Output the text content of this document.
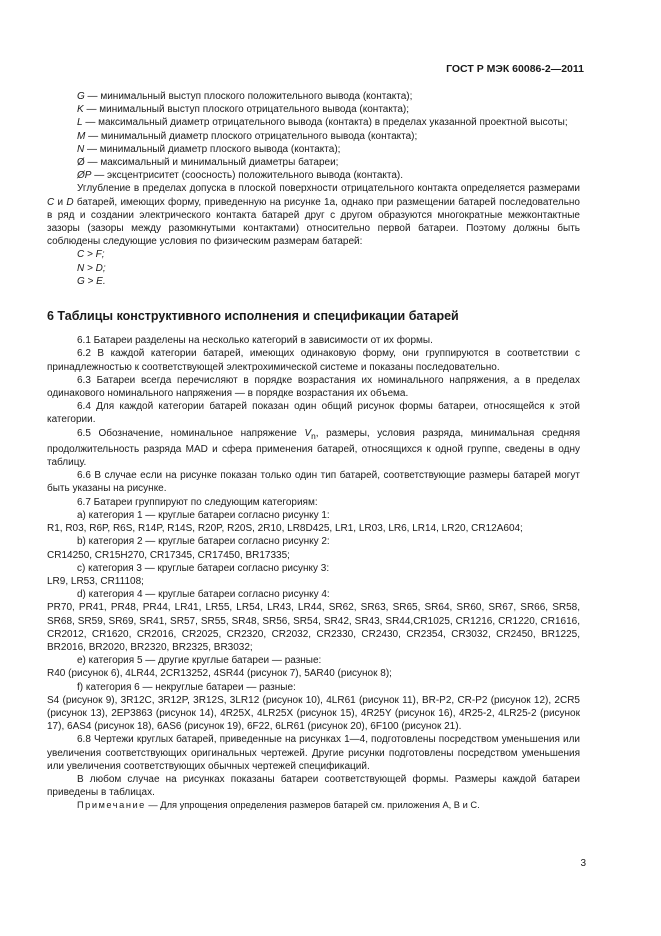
ГОСТ Р МЭК 60086-2—2011

G — минимальный выступ плоского положительного вывода (контакта);

K — минимальный выступ плоского отрицательного вывода (контакта);

L — максимальный диаметр отрицательного вывода (контакта) в пределах указанной проектной высоты;

M — минимальный диаметр плоского отрицательного вывода (контакта);

N — минимальный диаметр плоского вывода (контакта);

Ø — максимальный и минимальный диаметры батареи;

ØP — эксцентриситет (соосность) положительного вывода (контакта).

Углубление в пределах допуска в плоской поверхности отрицательного контакта определяется размерами C и D батарей, имеющих форму, приведенную на рисунке 1а, однако при размещении батарей последовательно в ряд и создании электрического контакта батарей друг с другом образуются многократные межконтактные зазоры (зазоры между разомкнутыми контактами) относительно первой батареи. Поэтому должны быть соблюдены следующие условия по физическим размерам батарей:

C > F;

N > D;

G > E.

6 Таблицы конструктивного исполнения и спецификации батарей

6.1 Батареи разделены на несколько категорий в зависимости от их формы.

6.2 В каждой категории батарей, имеющих одинаковую форму, они группируются в соответствии с принадлежностью к соответствующей электрохимической системе и показаны последовательно.

6.3 Батареи всегда перечисляют в порядке возрастания их номинального напряжения, а в пределах одинакового номинального напряжения — в порядке возрастания их объема.

6.4 Для каждой категории батарей показан один общий рисунок формы батареи, относящейся к этой категории.

6.5 Обозначение, номинальное напряжение $V_n$, размеры, условия разряда, минимальная средняя продолжительность разряда MAD и сфера применения батарей, относящихся к одной группе, сведены в одну таблицу.

6.6 В случае если на рисунке показан только один тип батарей, соответствующие размеры батарей могут быть указаны на рисунке.

6.7 Батареи группируют по следующим категориям:

а) категория 1 — круглые батареи согласно рисунку 1:

R1, R03, R6P, R6S, R14P, R14S, R20P, R20S, 2R10, LR8D425, LR1, LR03, LR6, LR14, LR20, CR12A604;

b) категория 2 — круглые батареи согласно рисунку 2:

CR14250, CR15H270, CR17345, CR17450, BR17335;

c) категория 3 — круглые батареи согласно рисунку 3:

LR9, LR53, CR11108;

d) категория 4 — круглые батареи согласно рисунку 4:

PR70, PR41, PR48, PR44, LR41, LR55, LR54, LR43, LR44, SR62, SR63, SR65, SR64, SR60, SR67, SR66, SR58, SR68, SR59, SR69, SR41, SR57, SR55, SR48, SR56, SR54, SR42, SR43, SR44,CR1025, CR1216, CR1220, CR1616, CR2012, CR1620, CR2016, CR2025, CR2320, CR2032, CR2330, CR2430, CR2354, CR3032, CR2450, BR1225, BR2016, BR2020, BR2320, BR2325, BR3032;

e) категория 5 — другие круглые батареи — разные:

R40 (рисунок 6), 4LR44, 2CR13252, 4SR44 (рисунок 7), 5AR40 (рисунок 8);

f) категория 6 — некруглые батареи — разные:

S4 (рисунок 9), 3R12C, 3R12P, 3R12S, 3LR12 (рисунок 10), 4LR61 (рисунок 11), BR-P2, CR-P2 (рисунок 12), 2CR5 (рисунок 13), 2EP3863 (рисунок 14), 4R25X, 4LR25X (рисунок 15), 4R25Y (рисунок 16), 4R25-2, 4LR25-2 (рисунок 17), 6AS4 (рисунок 18), 6AS6 (рисунок 19), 6F22, 6LR61 (рисунок 20), 6F100 (рисунок 21).

6.8 Чертежи круглых батарей, приведенные на рисунках 1—4, подготовлены посредством уменьшения или увеличения соответствующих оригинальных чертежей. Другие рисунки подготовлены посредством уменьшения или увеличения соответствующих обычных чертежей спецификаций.

В любом случае на рисунках показаны батареи соответствующей формы. Размеры каждой батареи приведены в таблицах.

Примечание — Для упрощения определения размеров батарей см. приложения А, В и С.

3
